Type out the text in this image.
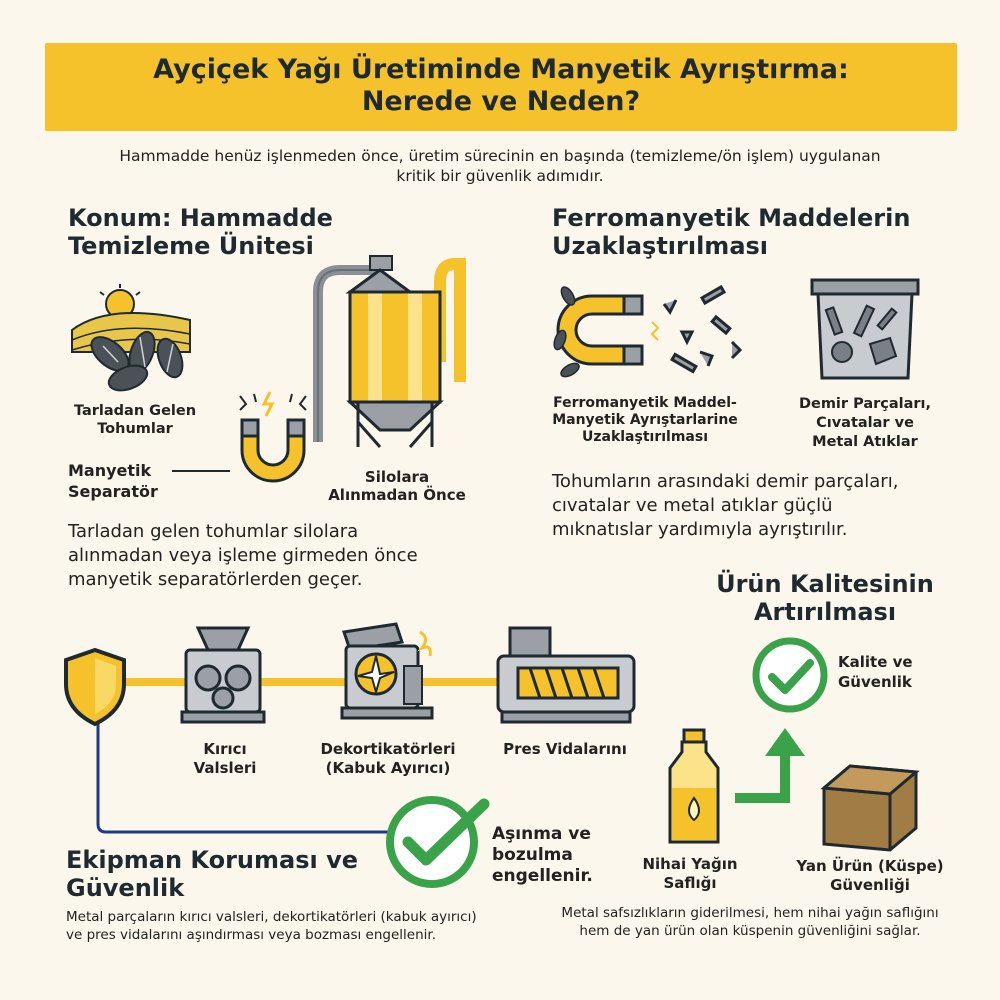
Ayçiçek Yağı Üretiminde Manyetik Ayrıştırma:
Nerede ve Neden?
Hammadde henüz işlenmeden önce, üretim sürecinin en başında (temizleme/ön işlem) uygulanan
kritik bir güvenlik adımıdır.
Konum: Hammadde
Temizleme Ünitesi
Tarladan Gelen
Tohumlar
Manyetik
Separatör
Silolara
Alınmadan Önce
Tarladan gelen tohumlar silolara
alınmadan veya işleme girmeden önce
manyetik separatörlerden geçer.
Ferromanyetik Maddelerin
Uzaklaştırılması
Ferromanyetik Maddel-
Manyetik Ayrıştarlarine
Uzaklaştırılması
Demir Parçaları,
Cıvatalar ve
Metal Atıklar
Tohumların arasındaki demir parçaları,
cıvatalar ve metal atıklar güçlü
mıknatıslar yardımıyla ayrıştırılır.
Ürün Kalitesinin
Artırılması
Kalite ve
Güvenlik
Nihai Yağın
Saflığı
Yan Ürün (Küspe)
Güvenliği
Metal safsızlıkların giderilmesi, hem nihai yağın saflığını
hem de yan ürün olan küspenin güvenliğini sağlar.
Kırıcı
Valsleri
Dekortikatörleri
(Kabuk Ayırıcı)
Pres Vidalarını
Aşınma ve
bozulma
engellenir.
Ekipman Koruması ve
Güvenlik
Metal parçaların kırıcı valsleri, dekortikatörleri (kabuk ayırıcı)
ve pres vidalarını aşındırması veya bozması engellenir.
